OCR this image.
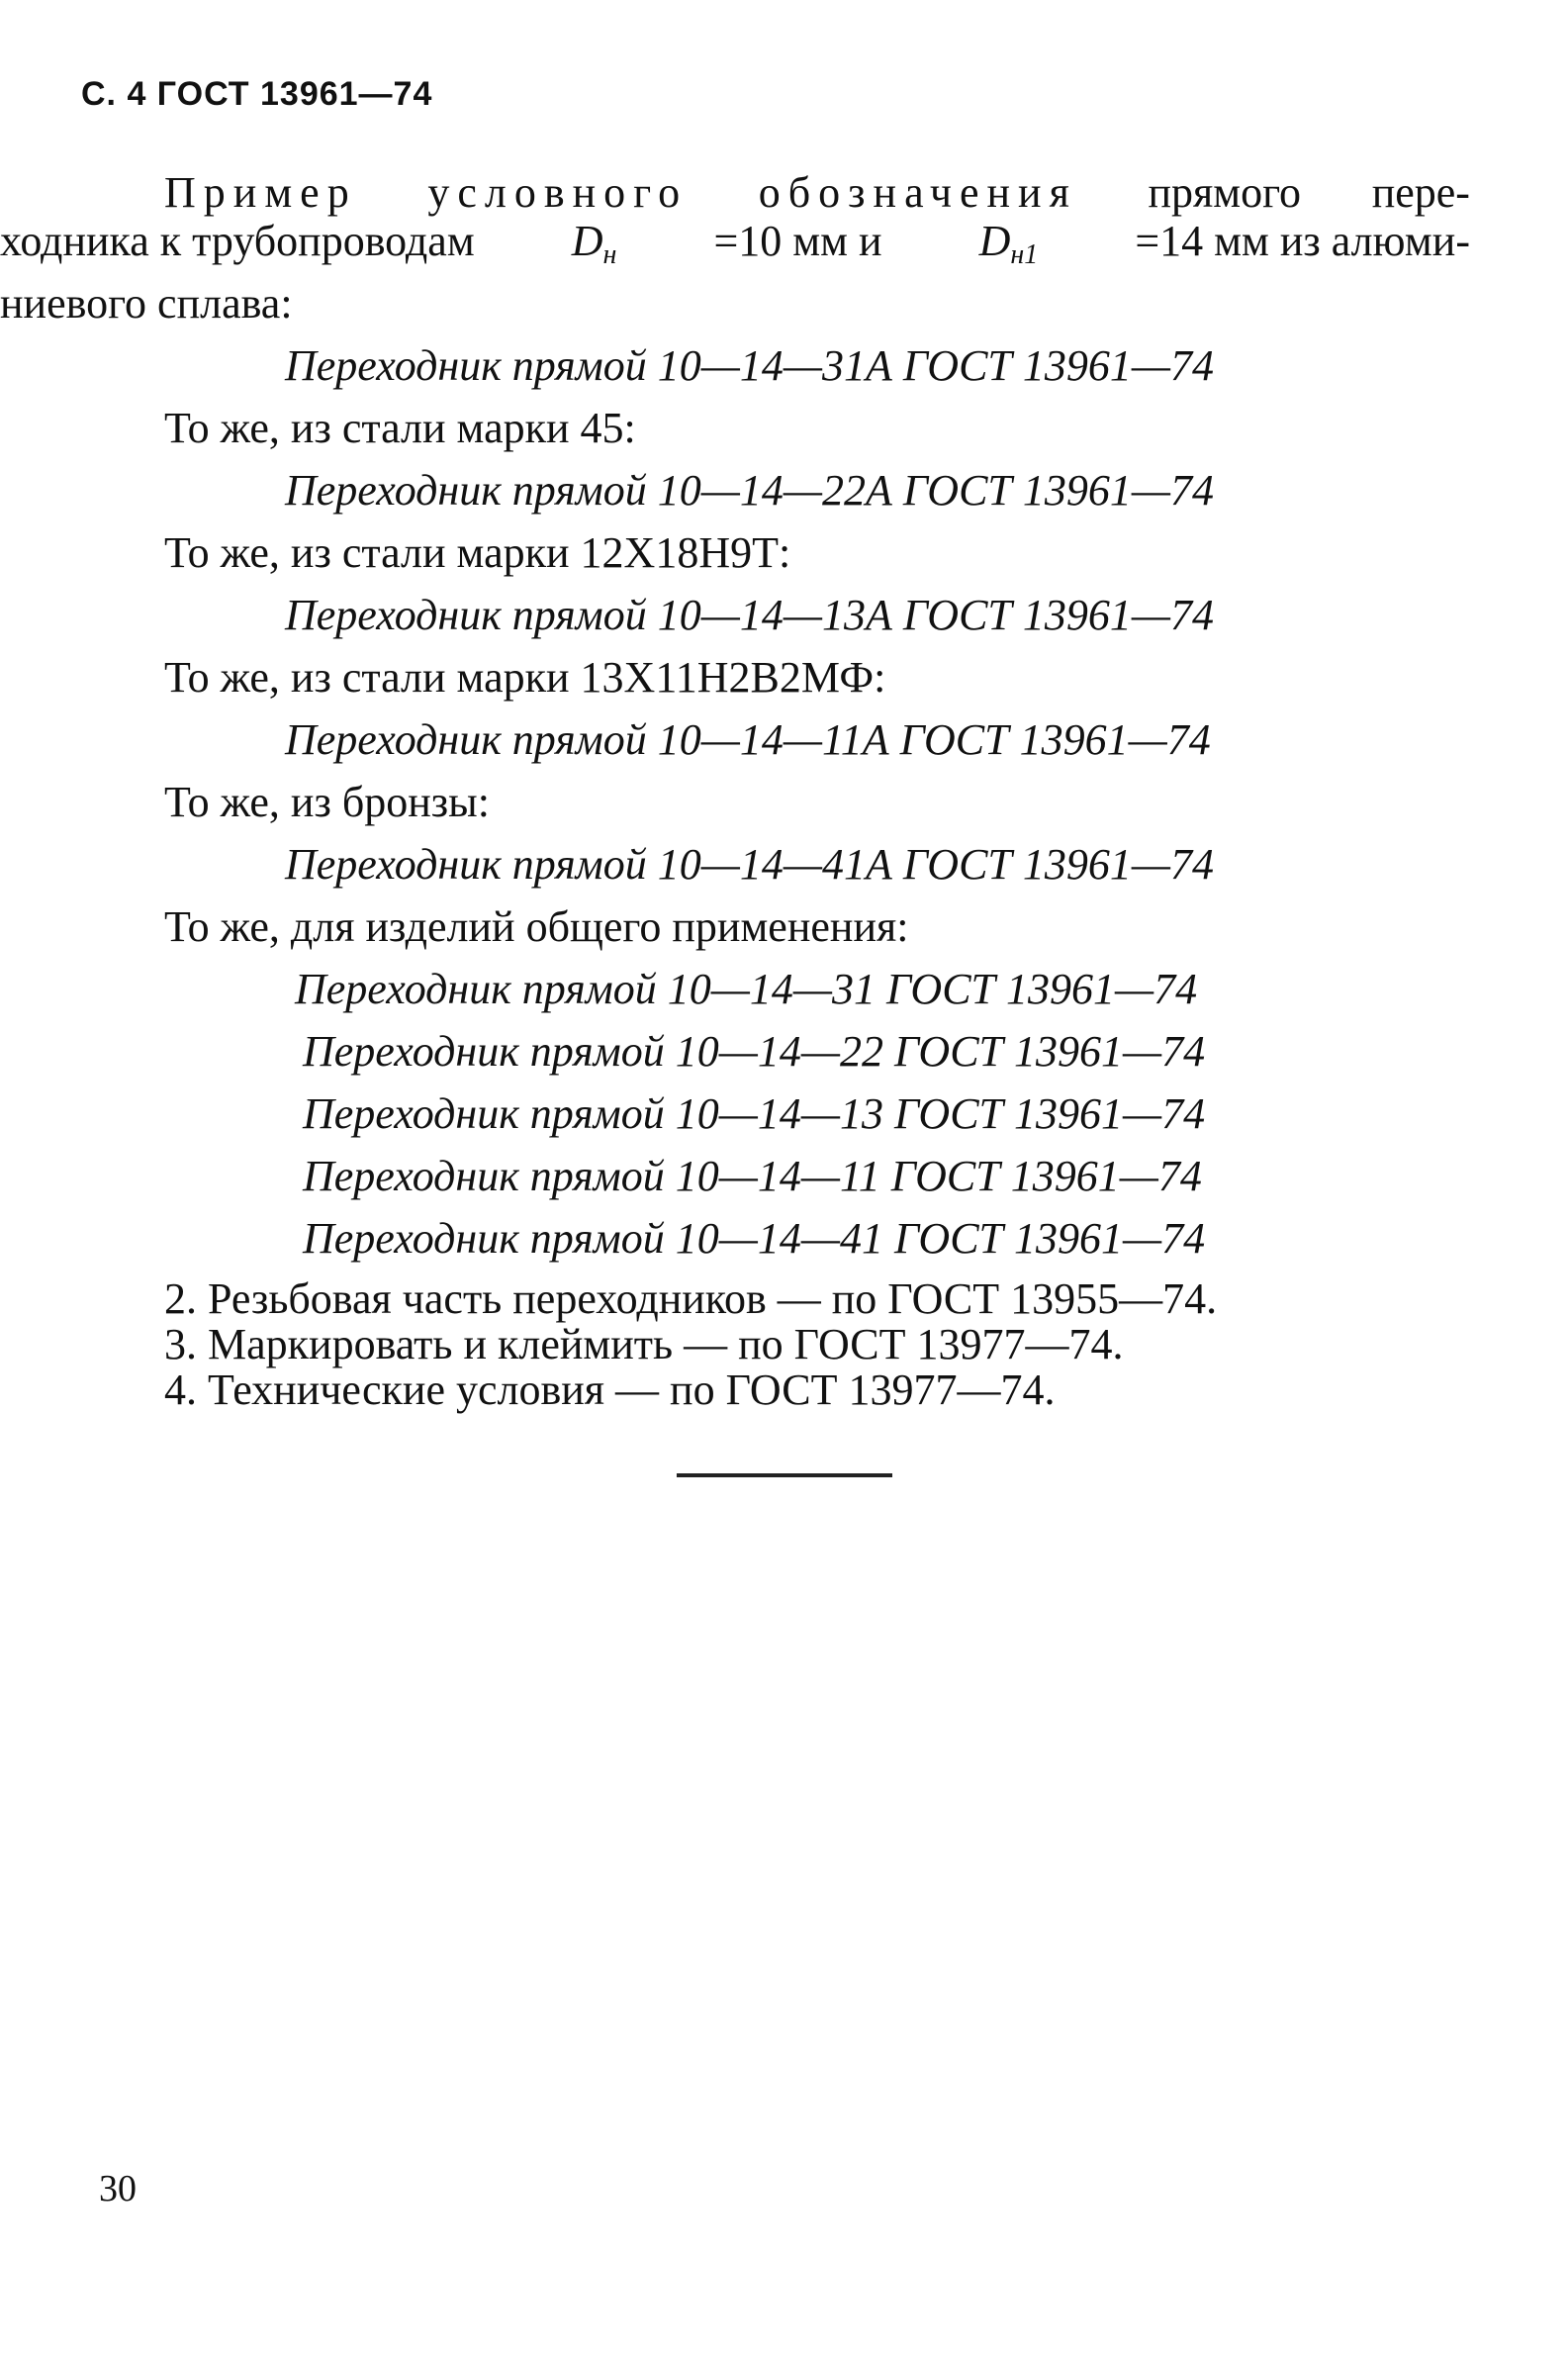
С. 4 ГОСТ 13961—74
Пример условного обозначения прямого пере-
ходника к трубопроводам $D_н =10$ мм и $D_{н1} =14$ мм из алюми-
ниевого сплава:
Переходник прямой 10—14—31А ГОСТ 13961—74
То же, из стали марки 45:
Переходник прямой 10—14—22А ГОСТ 13961—74
То же, из стали марки 12Х18Н9Т:
Переходник прямой 10—14—13А ГОСТ 13961—74
То же, из стали марки 13Х11Н2В2МФ:
Переходник прямой 10—14—11А ГОСТ 13961—74
То же, из бронзы:
Переходник прямой 10—14—41А ГОСТ 13961—74
То же, для изделий общего применения:
Переходник прямой 10—14—31 ГОСТ 13961—74
Переходник прямой 10—14—22 ГОСТ 13961—74
Переходник прямой 10—14—13 ГОСТ 13961—74
Переходник прямой 10—14—11 ГОСТ 13961—74
Переходник прямой 10—14—41 ГОСТ 13961—74
2. Резьбовая часть переходников — по ГОСТ 13955—74.
3. Маркировать и клеймить — по ГОСТ 13977—74.
4. Технические условия — по ГОСТ 13977—74.
30
